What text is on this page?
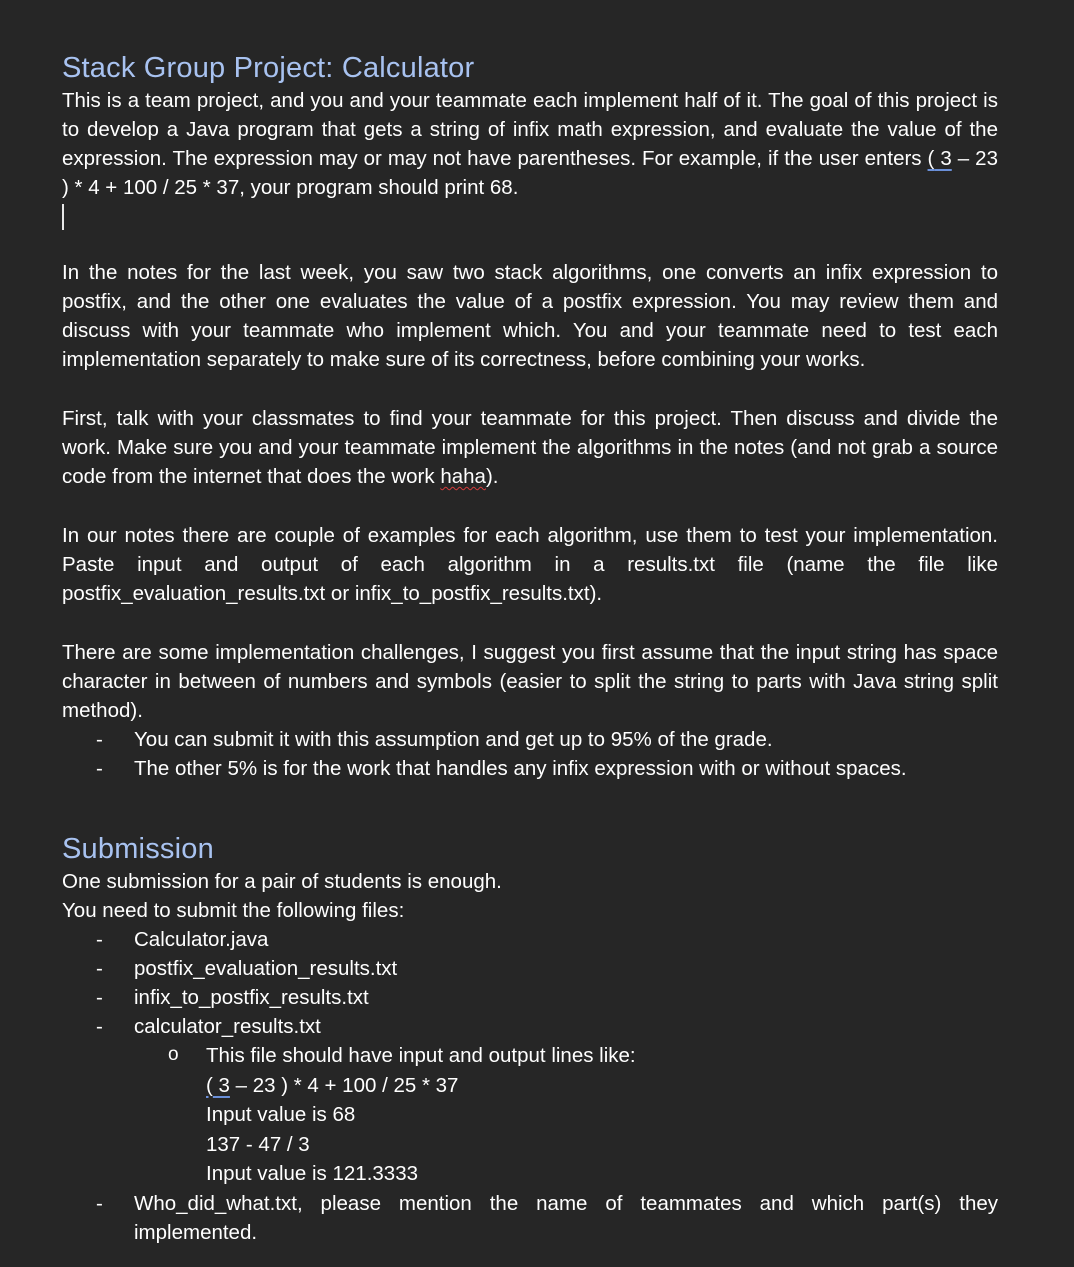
Stack Group Project: Calculator

This is a team project, and you and your teammate each implement half of it. The goal of this project is to develop a Java program that gets a string of infix math expression, and evaluate the value of the expression. The expression may or may not have parentheses. For example, if the user enters ( 3 – 23 ) * 4 + 100 / 25 * 37, your program should print 68.

In the notes for the last week, you saw two stack algorithms, one converts an infix expression to postfix, and the other one evaluates the value of a postfix expression. You may review them and discuss with your teammate who implement which. You and your teammate need to test each implementation separately to make sure of its correctness, before combining your works.

First, talk with your classmates to find your teammate for this project. Then discuss and divide the work. Make sure you and your teammate implement the algorithms in the notes (and not grab a source code from the internet that does the work haha).

In our notes there are couple of examples for each algorithm, use them to test your implementation. Paste input and output of each algorithm in a results.txt file (name the file like postfix_evaluation_results.txt or infix_to_postfix_results.txt).

There are some implementation challenges, I suggest you first assume that the input string has space character in between of numbers and symbols (easier to split the string to parts with Java string split method).

- You can submit it with this assumption and get up to 95% of the grade.
- The other 5% is for the work that handles any infix expression with or without spaces.
Submission

One submission for a pair of students is enough.

You need to submit the following files:

- Calculator.java
- postfix_evaluation_results.txt
- infix_to_postfix_results.txt
- calculator_results.txt
o This file should have input and output lines like:
( 3 – 23 ) * 4 + 100 / 25 * 37
Input value is 68
137 - 47 / 3
Input value is 121.3333

- Who_did_what.txt, please mention the name of teammates and which part(s) they implemented.
